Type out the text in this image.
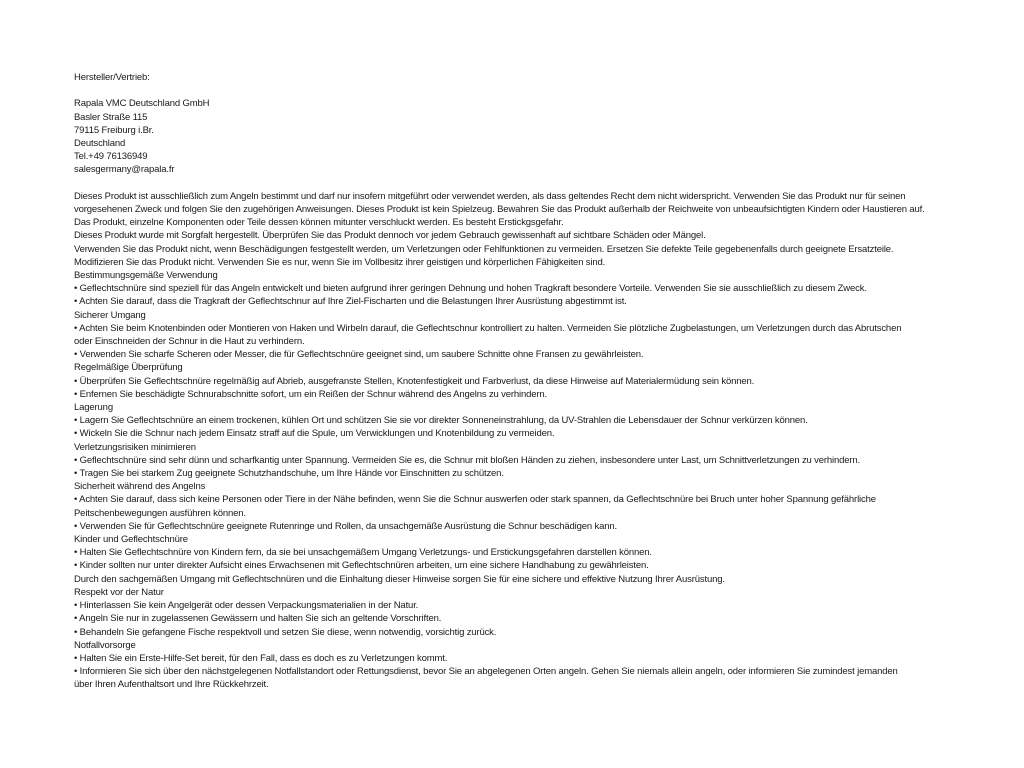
Hersteller/Vertrieb:
Rapala VMC Deutschland GmbH
Basler Straße 115
79115 Freiburg i.Br.
Deutschland
Tel.+49 76136949
salesgermany@rapala.fr
Dieses Produkt ist ausschließlich zum Angeln bestimmt und darf nur insofern mitgeführt oder verwendet werden, als dass geltendes Recht dem nicht widerspricht. Verwenden Sie das Produkt nur für seinen vorgesehenen Zweck und folgen Sie den zugehörigen Anweisungen. Dieses Produkt ist kein Spielzeug. Bewahren Sie das Produkt außerhalb der Reichweite von unbeaufsichtigten Kindern oder Haustieren auf.
Das Produkt, einzelne Komponenten oder Teile dessen können mitunter verschluckt werden. Es besteht Erstickgsgefahr.
Dieses Produkt wurde mit Sorgfalt hergestellt. Überprüfen Sie das Produkt dennoch vor jedem Gebrauch gewissenhaft auf sichtbare Schäden oder Mängel.
Verwenden Sie das Produkt nicht, wenn Beschädigungen festgestellt werden, um Verletzungen oder Fehlfunktionen zu vermeiden. Ersetzen Sie defekte Teile gegebenenfalls durch geeignete Ersatzteile.
Modifizieren Sie das Produkt nicht. Verwenden Sie es nur, wenn Sie im Vollbesitz ihrer geistigen und körperlichen Fähigkeiten sind.
Bestimmungsgemäße Verwendung
• Geflechtschnüre sind speziell für das Angeln entwickelt und bieten aufgrund ihrer geringen Dehnung und hohen Tragkraft besondere Vorteile. Verwenden Sie sie ausschließlich zu diesem Zweck.
• Achten Sie darauf, dass die Tragkraft der Geflechtschnur auf Ihre Ziel-Fischarten und die Belastungen Ihrer Ausrüstung abgestimmt ist.
Sicherer Umgang
• Achten Sie beim Knotenbinden oder Montieren von Haken und Wirbeln darauf, die Geflechtschnur kontrolliert zu halten. Vermeiden Sie plötzliche Zugbelastungen, um Verletzungen durch das Abrutschen
oder Einschneiden der Schnur in die Haut zu verhindern.
• Verwenden Sie scharfe Scheren oder Messer, die für Geflechtschnüre geeignet sind, um saubere Schnitte ohne Fransen zu gewährleisten.
Regelmäßige Überprüfung
• Überprüfen Sie Geflechtschnüre regelmäßig auf Abrieb, ausgefranste Stellen, Knotenfestigkeit und Farbverlust, da diese Hinweise auf Materialermüdung sein können.
• Enfernen Sie beschädigte Schnurabschnitte sofort, um ein Reißen der Schnur während des Angelns zu verhindern.
Lagerung
• Lagern Sie Geflechtschnüre an einem trockenen, kühlen Ort und schützen Sie sie vor direkter Sonneneinstrahlung, da UV-Strahlen die Lebensdauer der Schnur verkürzen können.
• Wickeln Sie die Schnur nach jedem Einsatz straff auf die Spule, um Verwicklungen und Knotenbildung zu vermeiden.
Verletzungsrisiken minimieren
• Geflechtschnüre sind sehr dünn und scharfkantig unter Spannung. Vermeiden Sie es, die Schnur mit bloßen Händen zu ziehen, insbesondere unter Last, um Schnittverletzungen zu verhindern.
• Tragen Sie bei starkem Zug geeignete Schutzhandschuhe, um Ihre Hände vor Einschnitten zu schützen.
Sicherheit während des Angelns
• Achten Sie darauf, dass sich keine Personen oder Tiere in der Nähe befinden, wenn Sie die Schnur auswerfen oder stark spannen, da Geflechtschnüre bei Bruch unter hoher Spannung gefährliche Peitschenbewegungen ausführen können.
• Verwenden Sie für Geflechtschnüre geeignete Rutenringe und Rollen, da unsachgemäße Ausrüstung die Schnur beschädigen kann.
Kinder und Geflechtschnüre
• Halten Sie Geflechtschnüre von Kindern fern, da sie bei unsachgemäßem Umgang Verletzungs- und Erstickungsgefahren darstellen können.
• Kinder sollten nur unter direkter Aufsicht eines Erwachsenen mit Geflechtschnüren arbeiten, um eine sichere Handhabung zu gewährleisten.
Durch den sachgemäßen Umgang mit Geflechtschnüren und die Einhaltung dieser Hinweise sorgen Sie für eine sichere und effektive Nutzung Ihrer Ausrüstung.
Respekt vor der Natur
• Hinterlassen Sie kein Angelgerät oder dessen Verpackungsmaterialien in der Natur.
• Angeln Sie nur in zugelassenen Gewässern und halten Sie sich an geltende Vorschriften.
• Behandeln Sie gefangene Fische respektvoll und setzen Sie diese, wenn notwendig, vorsichtig zurück.
Notfallvorsorge
• Halten Sie ein Erste-Hilfe-Set bereit, für den Fall, dass es doch es zu Verletzungen kommt.
• Informieren Sie sich über den nächstgelegenen Notfallstandort oder Rettungsdienst, bevor Sie an abgelegenen Orten angeln. Gehen Sie niemals allein angeln, oder informieren Sie zumindest jemanden
über Ihren Aufenthaltsort und Ihre Rückkehrzeit.
